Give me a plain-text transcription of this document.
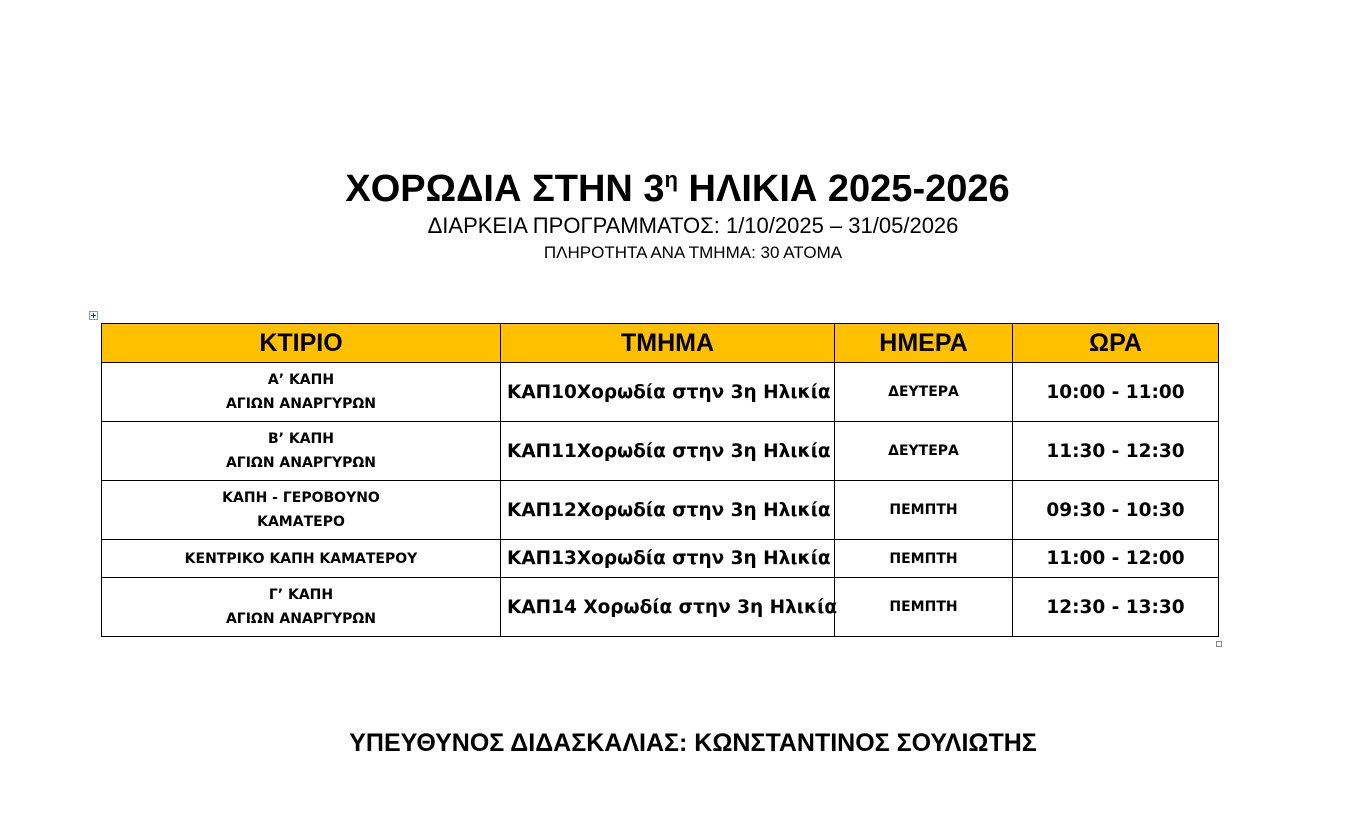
ΧΟΡΩΔΙΑ ΣΤΗΝ $3^\eta$ ΗΛΙΚΙΑ 2025-2026
ΔΙΑΡΚΕΙΑ ΠΡΟΓΡΑΜΜΑΤΟΣ: 1/10/2025 – 31/05/2026
ΠΛΗΡΟΤΗΤΑ ΑΝΑ ΤΜΗΜΑ: 30 ΑΤΟΜΑ
ΚΤΙΡΙΟ	ΤΜΗΜΑ	ΗΜΕΡΑ	ΩΡΑ

Α’ ΚΑΠΗ
ΑΓΙΩΝ ΑΝΑΡΓΥΡΩΝ	ΚΑΠ10Χορωδία στην 3η Ηλικία	ΔΕΥΤΕΡΑ	10:00 - 11:00

Β’ ΚΑΠΗ
ΑΓΙΩΝ ΑΝΑΡΓΥΡΩΝ	ΚΑΠ11Χορωδία στην 3η Ηλικία	ΔΕΥΤΕΡΑ	11:30 - 12:30

ΚΑΠΗ - ΓΕΡΟΒΟΥΝΟ
ΚΑΜΑΤΕΡΟ	ΚΑΠ12Χορωδία στην 3η Ηλικία	ΠΕΜΠΤΗ	09:30 - 10:30

ΚΕΝΤΡΙΚΟ ΚΑΠΗ ΚΑΜΑΤΕΡΟΥ	ΚΑΠ13Χορωδία στην 3η Ηλικία	ΠΕΜΠΤΗ	11:00 - 12:00

Γ’ ΚΑΠΗ
ΑΓΙΩΝ ΑΝΑΡΓΥΡΩΝ	ΚΑΠ14 Χορωδία στην 3η Ηλικία	ΠΕΜΠΤΗ	12:30 - 13:30
ΥΠΕΥΘΥΝΟΣ ΔΙΔΑΣΚΑΛΙΑΣ: ΚΩΝΣΤΑΝΤΙΝΟΣ ΣΟΥΛΙΩΤΗΣ
